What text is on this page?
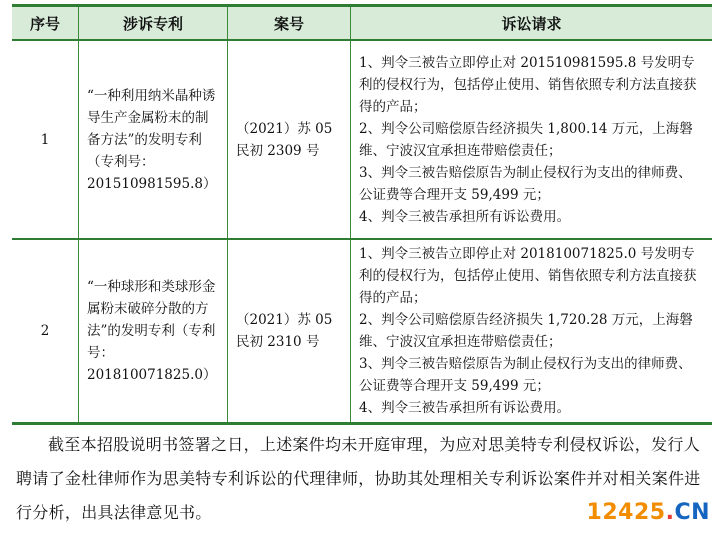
序号	涉诉专利	案号	诉讼请求
1	“一种利用纳米晶种诱导生产金属粉末的制备方法”的发明专利（专利号：201510981595.8）	（2021）苏 05 民初 2309 号	1、判令三被告立即停止对 201510981595.8 号发明专利的侵权行为，包括停止使用、销售依照专利方法直接获得的产品；
2、判令公司赔偿原告经济损失 1,800.14 万元，上海磐维、宁波汉宜承担连带赔偿责任；
3、判令三被告赔偿原告为制止侵权行为支出的律师费、公证费等合理开支 59,499 元；
4、判令三被告承担所有诉讼费用。

2	“一种球形和类球形金属粉末破碎分散的方法”的发明专利（专利号：201810071825.0）	（2021）苏 05 民初 2310 号	1、判令三被告立即停止对 201810071825.0 号发明专利的侵权行为，包括停止使用、销售依照专利方法直接获得的产品；
2、判令公司赔偿原告经济损失 1,720.28 万元，上海磐维、宁波汉宜承担连带赔偿责任；
3、判令三被告赔偿原告为制止侵权行为支出的律师费、公证费等合理开支 59,499 元；
4、判令三被告承担所有诉讼费用。

截至本招股说明书签署之日，上述案件均未开庭审理，为应对思美特专利侵权诉讼，发行人聘请了金杜律师作为思美特专利诉讼的代理律师，协助其处理相关专利诉讼案件并对相关案件进行分析，出具法律意见书。	12425.CN
